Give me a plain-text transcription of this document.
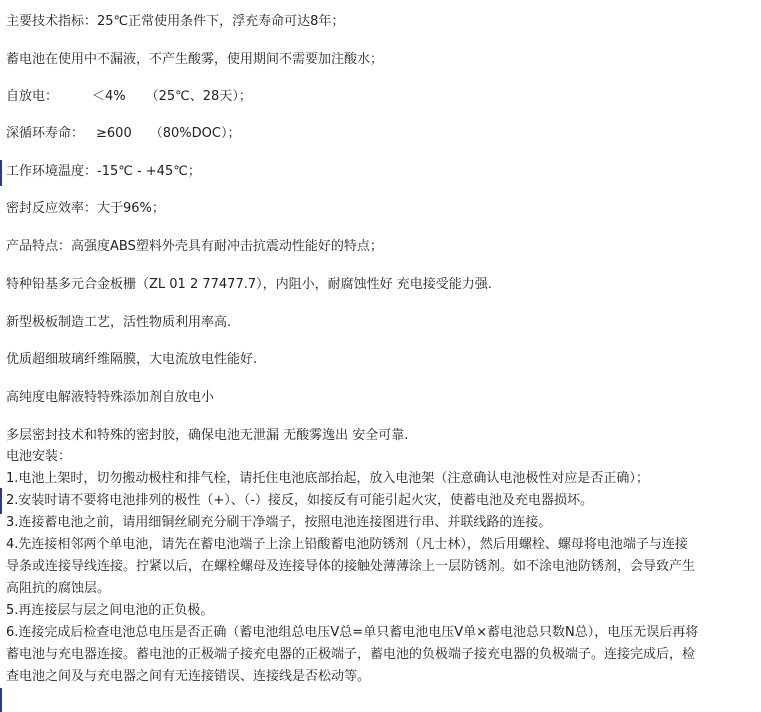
主要技术指标：25℃正常使用条件下，浮充寿命可达8年；
蓄电池在使用中不漏液，不产生酸雾，使用期间不需要加注酸水；
自放电：	＜4% （25℃、28天）；
深循环寿命： ≥600 （80%DOC）；
工作环境温度：-15℃ - +45℃；
密封反应效率：大于96%；
产品特点：高强度ABS塑料外壳具有耐冲击抗震动性能好的特点；
特种铅基多元合金板栅（ZL 01 2 77477.7），内阻小，耐腐蚀性好 充电接受能力强.
新型极板制造工艺，活性物质利用率高.
优质超细玻璃纤维隔膜，大电流放电性能好.
高纯度电解液特特殊添加剂自放电小
多层密封技术和特殊的密封胶，确保电池无泄漏 无酸雾逸出 安全可靠.
电池安装：
1.电池上架时，切勿搬动极柱和排气栓，请托住电池底部抬起，放入电池架（注意确认电池极性对应是否正确）；
2.安装时请不要将电池排列的极性（+）、（-）接反，如接反有可能引起火灾，使蓄电池及充电器损坏。
3.连接蓄电池之前，请用细铜丝刷充分刷干净端子，按照电池连接图进行串、并联线路的连接。
4.先连接相邻两个单电池，请先在蓄电池端子上涂上铅酸蓄电池防锈剂（凡士林），然后用螺栓、螺母将电池端子与连接
导条或连接导线连接。拧紧以后，在螺栓螺母及连接导体的接触处薄薄涂上一层防锈剂。如不涂电池防锈剂，会导致产生
高阻抗的腐蚀层。
5.再连接层与层之间电池的正负极。
6.连接完成后检查电池总电压是否正确（蓄电池组总电压V总=单只蓄电池电压V单×蓄电池总只数N总），电压无误后再将
蓄电池与充电器连接。蓄电池的正极端子接充电器的正极端子，蓄电池的负极端子接充电器的负极端子。连接完成后，检
查电池之间及与充电器之间有无连接错误、连接线是否松动等。
